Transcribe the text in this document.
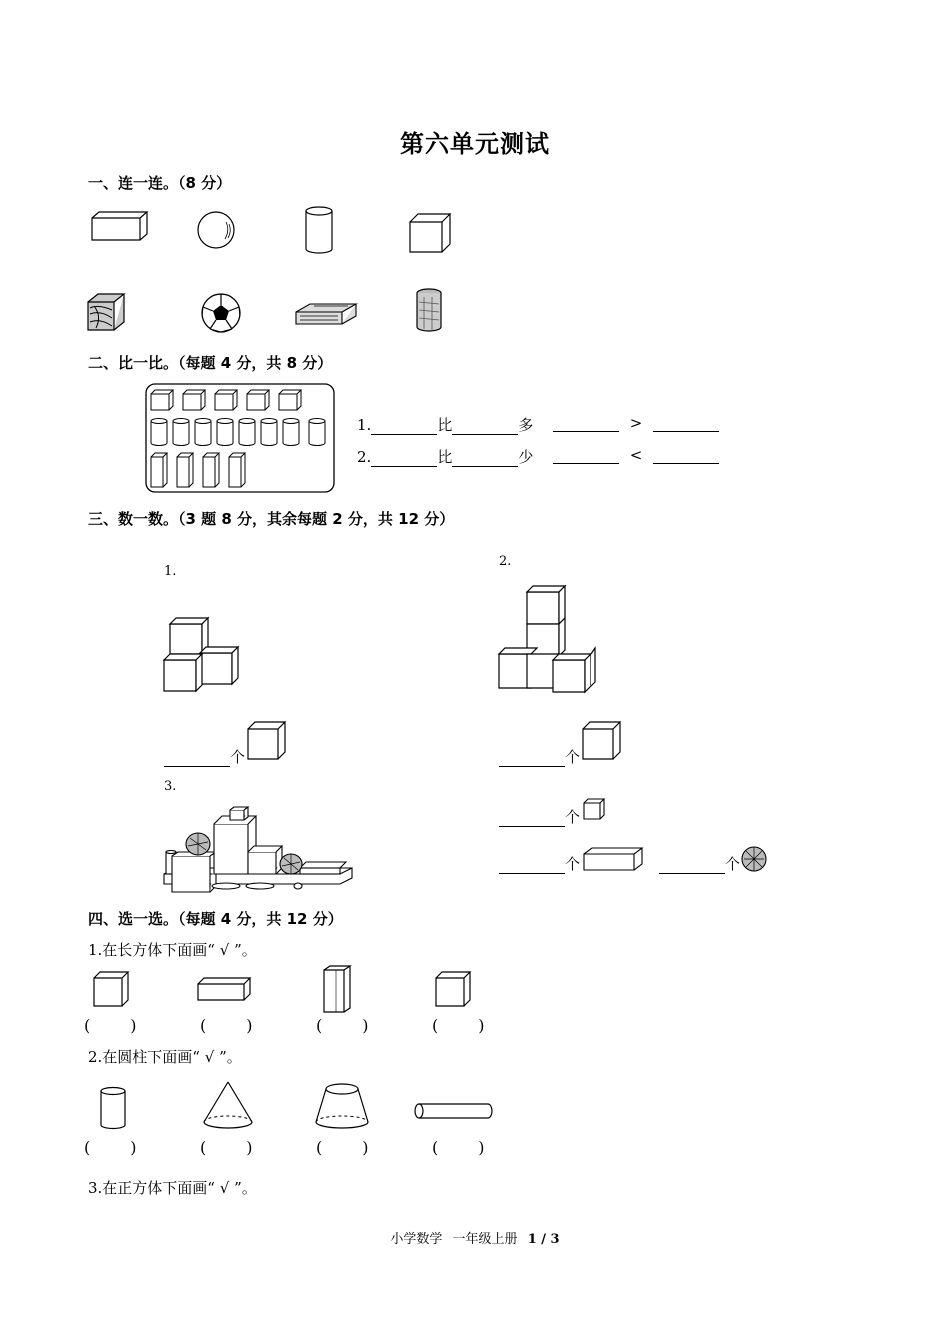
第六单元测试
一、连一连。（8 分）
二、比一比。（每题 4 分，共 8 分）
1.	比	多	>
2.	比	少	<
三、数一数。（3 题 8 分，其余每题 2 分，共 12 分）
1.
2.
个	个
3.
个
个	个
四、选一选。（每题 4 分，共 12 分）
1.在长方体下面画“ √ ”。
(	)	(	)	(	)	(	)
2.在圆柱下面画“ √ ”。
(	)	(	)	(	)	(	)
3.在正方体下面画“ √ ”。
小学数学 一年级上册 1 / 3
